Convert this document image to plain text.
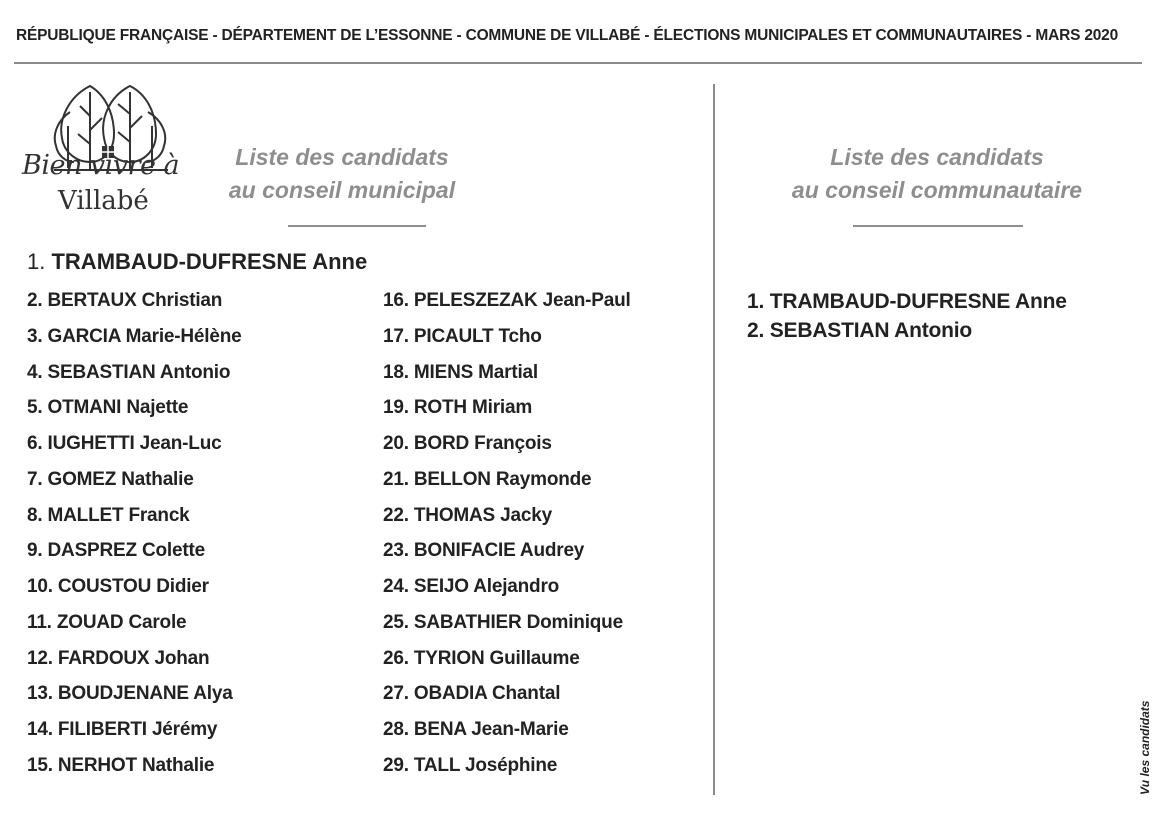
RÉPUBLIQUE FRANÇAISE - DÉPARTEMENT DE L’ESSONNE - COMMUNE DE VILLABÉ - ÉLECTIONS MUNICIPALES ET COMMUNAUTAIRES - MARS 2020
Bien vivre à
Villabé
Liste des candidats
au conseil municipal
Liste des candidats
au conseil communautaire
1. TRAMBAUD-DUFRESNE Anne
2. BERTAUX Christian
3. GARCIA Marie-Hélène
4. SEBASTIAN Antonio
5. OTMANI Najette
6. IUGHETTI Jean-Luc
7. GOMEZ Nathalie
8. MALLET Franck
9. DASPREZ Colette
10. COUSTOU Didier
11. ZOUAD Carole
12. FARDOUX Johan
13. BOUDJENANE Alya
14. FILIBERTI Jérémy
15. NERHOT Nathalie
16. PELESZEZAK Jean-Paul
17. PICAULT Tcho
18. MIENS Martial
19. ROTH Miriam
20. BORD François
21. BELLON Raymonde
22. THOMAS Jacky
23. BONIFACIE Audrey
24. SEIJO Alejandro
25. SABATHIER Dominique
26. TYRION Guillaume
27. OBADIA Chantal
28. BENA Jean-Marie
29. TALL Joséphine
1. TRAMBAUD-DUFRESNE Anne
2. SEBASTIAN Antonio
Vu les candidats
